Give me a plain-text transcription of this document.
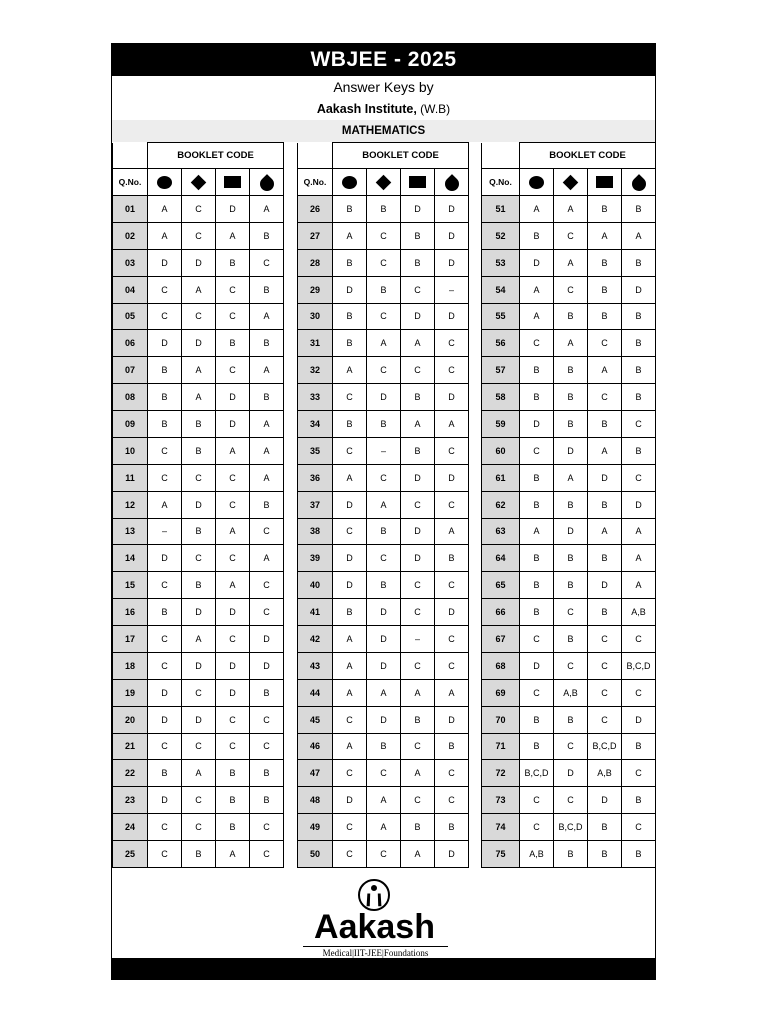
WBJEE - 2025
Answer Keys by
Aakash Institute, (W.B)
MATHEMATICS
	BOOKLET CODE			
Q.No.				
01	A	C	D	A
02	A	C	A	B
03	D	D	B	C
04	C	A	C	B
05	C	C	C	A
06	D	D	B	B
07	B	A	C	A
08	B	A	D	B
09	B	B	D	A
10	C	B	A	A
11	C	C	C	A
12	A	D	C	B
13	–	B	A	C
14	D	C	C	A
15	C	B	A	C
16	B	D	D	C
17	C	A	C	D
18	C	D	D	D
19	D	C	D	B
20	D	D	C	C
21	C	C	C	C
22	B	A	B	B
23	D	C	B	B
24	C	C	B	C
25	C	B	A	C
	BOOKLET CODE			
Q.No.				
26	B	B	D	D
27	A	C	B	D
28	B	C	B	D
29	D	B	C	–
30	B	C	D	D
31	B	A	A	C
32	A	C	C	C
33	C	D	B	D
34	B	B	A	A
35	C	–	B	C
36	A	C	D	D
37	D	A	C	C
38	C	B	D	A
39	D	C	D	B
40	D	B	C	C
41	B	D	C	D
42	A	D	–	C
43	A	D	C	C
44	A	A	A	A
45	C	D	B	D
46	A	B	C	B
47	C	C	A	C
48	D	A	C	C
49	C	A	B	B
50	C	C	A	D
	BOOKLET CODE			
Q.No.				
51	A	A	B	B
52	B	C	A	A
53	D	A	B	B
54	A	C	B	D
55	A	B	B	B
56	C	A	C	B
57	B	B	A	B
58	B	B	C	B
59	D	B	B	C
60	C	D	A	B
61	B	A	D	C
62	B	B	B	D
63	A	D	A	A
64	B	B	B	A
65	B	B	D	A
66	B	C	B	A,B
67	C	B	C	C
68	D	C	C	B,C,D
69	C	A,B	C	C
70	B	B	C	D
71	B	C	B,C,D	B
72	B,C,D	D	A,B	C
73	C	C	D	B
74	C	B,C,D	B	C
75	A,B	B	B	B
Aakash
Medical|IIT-JEE|Foundations
